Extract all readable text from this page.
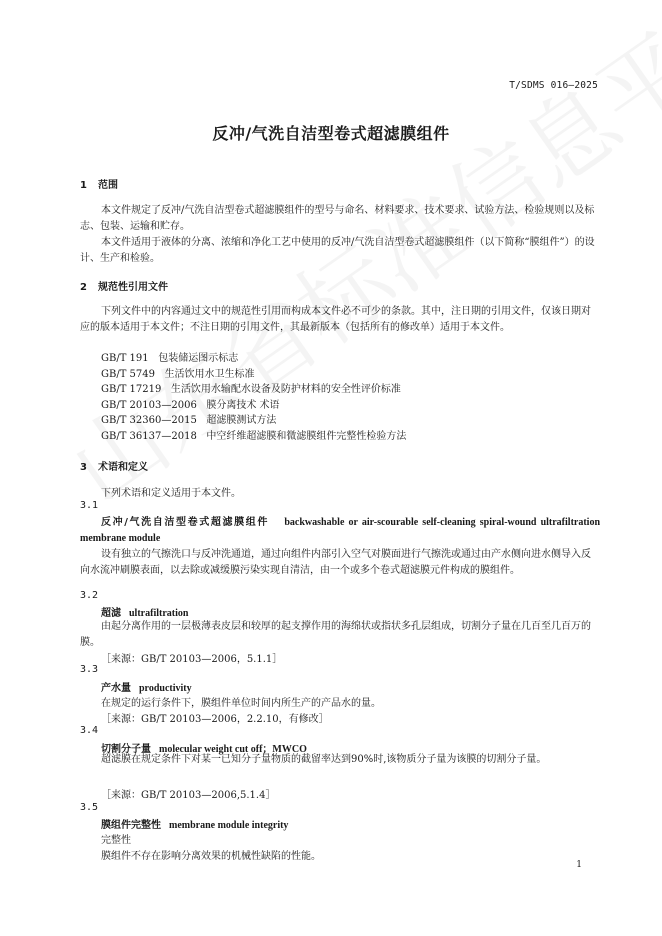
T/SDMS 016—2025
反冲/气洗自洁型卷式超滤膜组件
1 范围
本文件规定了反冲/气洗自洁型卷式超滤膜组件的型号与命名、材料要求、技术要求、试验方法、检验规则以及标志、包装、运输和贮存。
本文件适用于液体的分离、浓缩和净化工艺中使用的反冲/气洗自洁型卷式超滤膜组件（以下简称“膜组件”）的设计、生产和检验。
2 规范性引用文件
下列文件中的内容通过文中的规范性引用而构成本文件必不可少的条款。其中，注日期的引用文件，仅该日期对应的版本适用于本文件；不注日期的引用文件，其最新版本（包括所有的修改单）适用于本文件。
GB/T 191 包装储运图示标志
GB/T 5749 生活饮用水卫生标准
GB/T 17219 生活饮用水输配水设备及防护材料的安全性评价标准
GB/T 20103—2006 膜分离技术 术语
GB/T 32360—2015 超滤膜测试方法
GB/T 36137—2018 中空纤维超滤膜和微滤膜组件完整性检验方法
3 术语和定义
下列术语和定义适用于本文件。
3.1
反冲/气洗自洁型卷式超滤膜组件 backwashable or air-scourable self-cleaning spiral-wound ultrafiltration membrane module
设有独立的气擦洗口与反冲洗通道，通过向组件内部引入空气对膜面进行气擦洗或通过由产水侧向进水侧导入反向水流冲刷膜表面，以去除或减缓膜污染实现自清洁，由一个或多个卷式超滤膜元件构成的膜组件。
3.2
超滤 ultrafiltration
由起分离作用的一层极薄表皮层和较厚的起支撑作用的海绵状或指状多孔层组成，切割分子量在几百至几百万的膜。
［来源：GB/T 20103—2006，5.1.1］
3.3
产水量 productivity
在规定的运行条件下，膜组件单位时间内所生产的产品水的量。
［来源：GB/T 20103—2006，2.2.10，有修改］
3.4
切割分子量 molecular weight cut off；MWCO
超滤膜在规定条件下对某一已知分子量物质的截留率达到90%时,该物质分子量为该膜的切割分子量。
［来源：GB/T 20103—2006,5.1.4］
3.5
膜组件完整性 membrane module integrity
完整性
膜组件不存在影响分离效果的机械性缺陷的性能。
1
